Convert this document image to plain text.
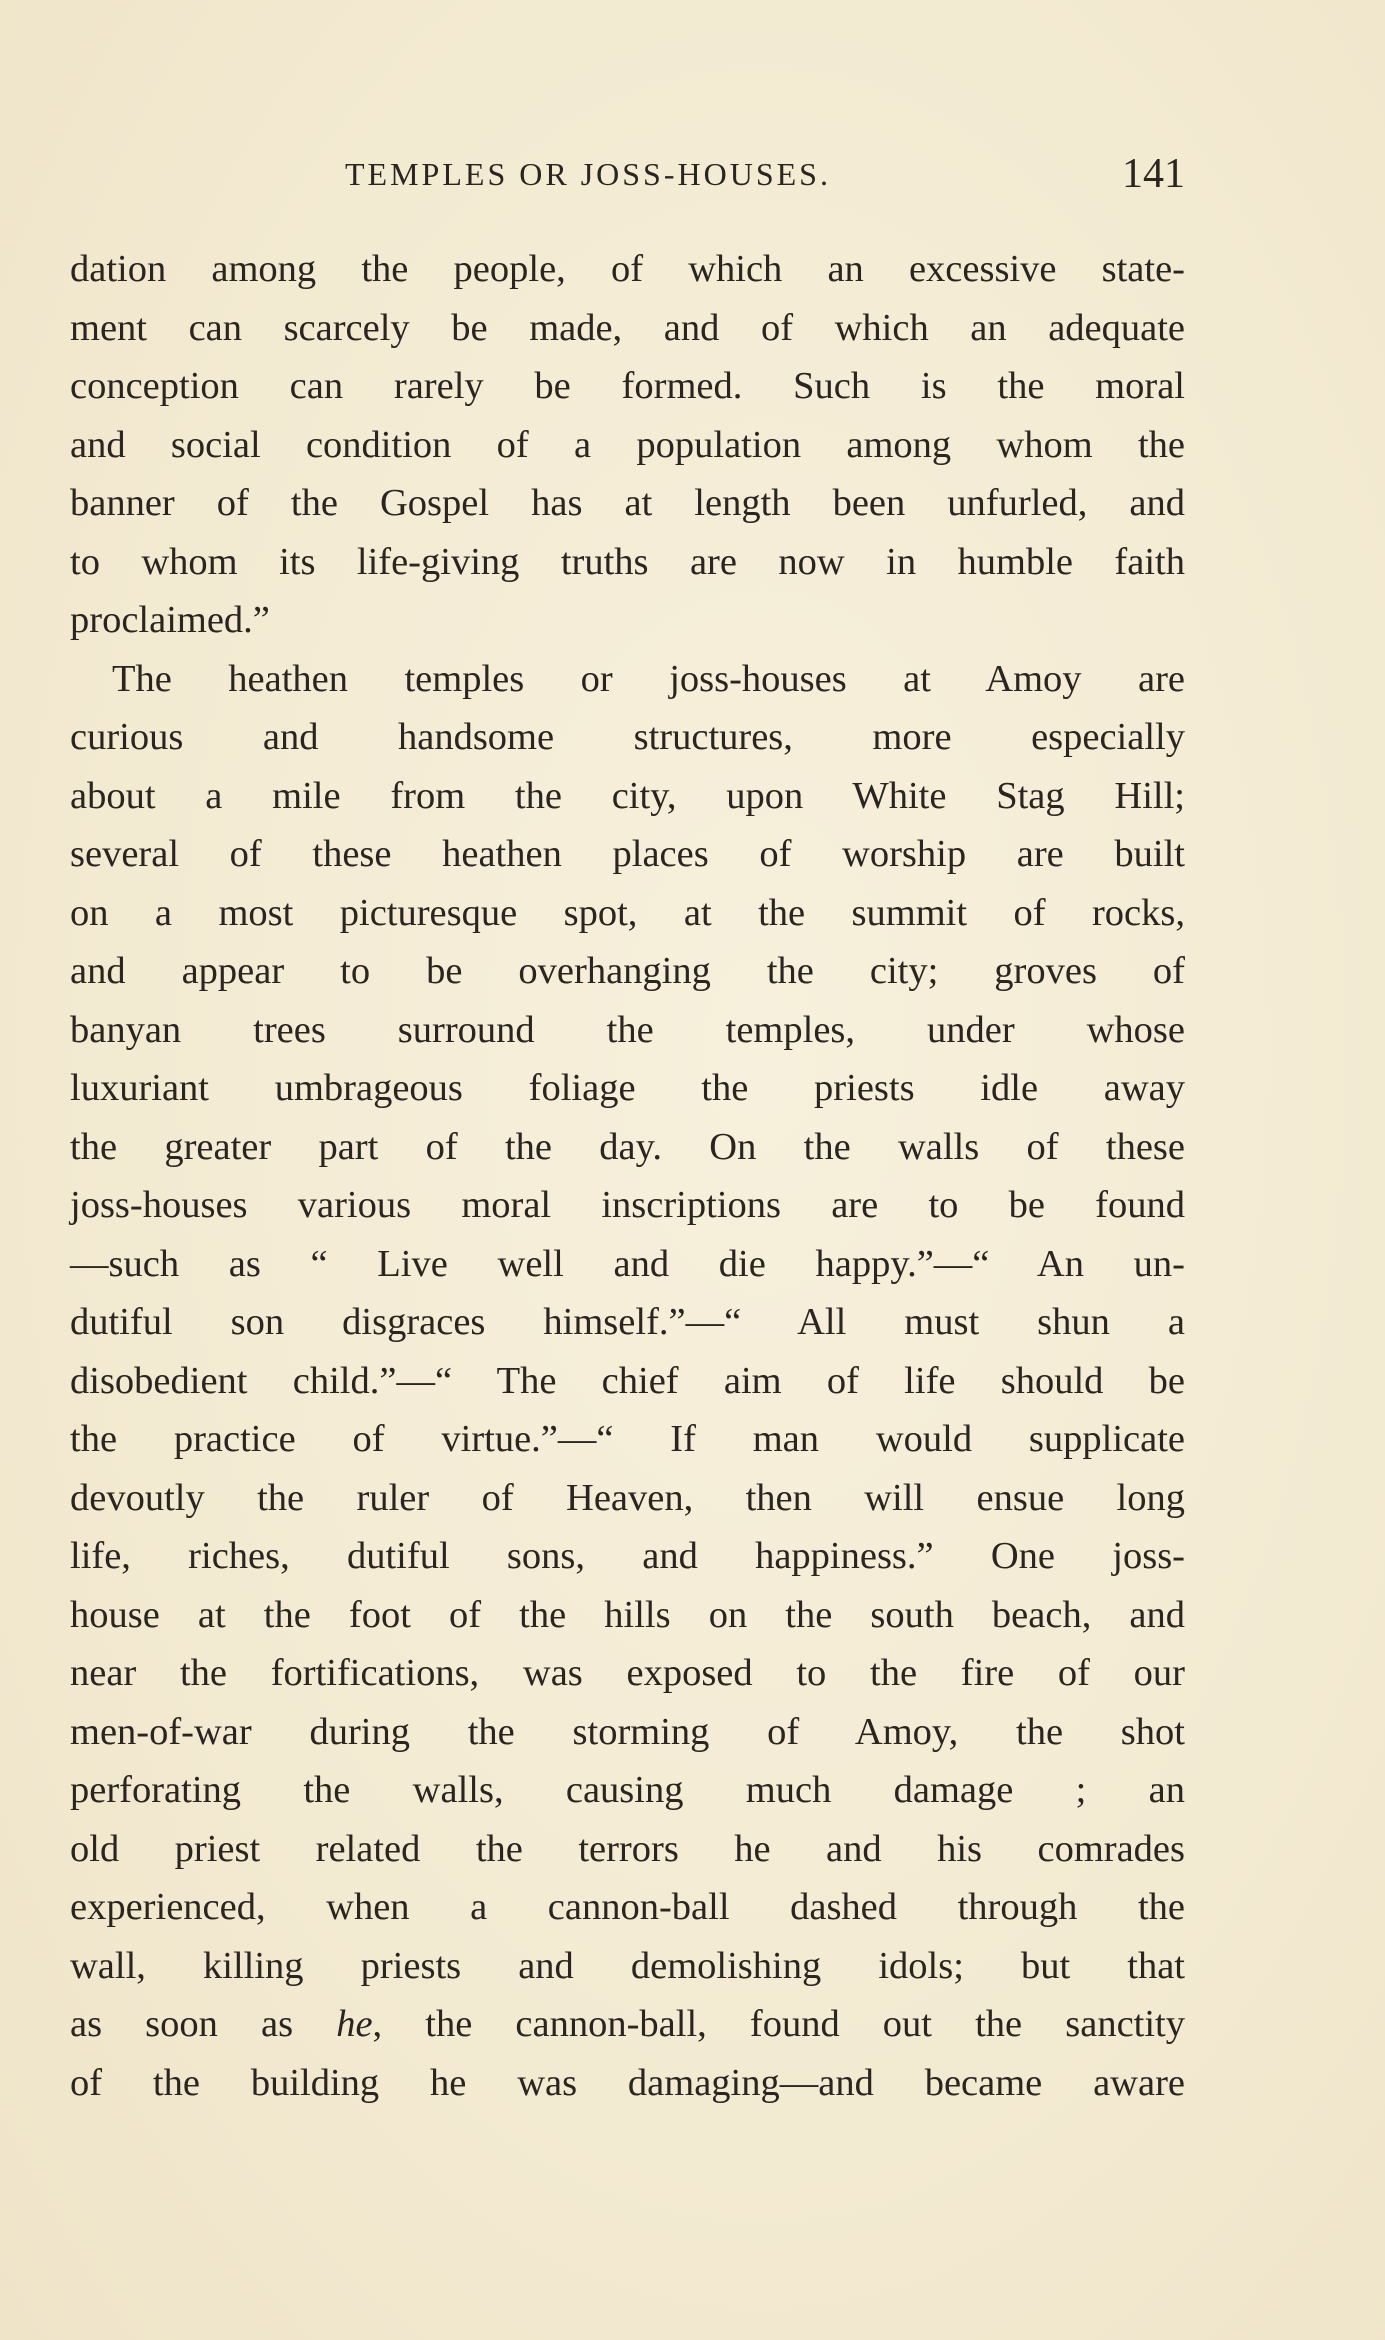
TEMPLES OR JOSS-HOUSES.	141
dation among the people, of which an excessive state-
ment can scarcely be made, and of which an adequate
conception can rarely be formed. Such is the moral
and social condition of a population among whom the
banner of the Gospel has at length been unfurled, and
to whom its life-giving truths are now in humble faith
proclaimed.”
The heathen temples or joss-houses at Amoy are
curious and handsome structures, more especially
about a mile from the city, upon White Stag Hill;
several of these heathen places of worship are built
on a most picturesque spot, at the summit of rocks,
and appear to be overhanging the city; groves of
banyan trees surround the temples, under whose
luxuriant umbrageous foliage the priests idle away
the greater part of the day. On the walls of these
joss-houses various moral inscriptions are to be found
—such as “ Live well and die happy.”—“ An un-
dutiful son disgraces himself.”—“ All must shun a
disobedient child.”—“ The chief aim of life should be
the practice of virtue.”—“ If man would supplicate
devoutly the ruler of Heaven, then will ensue long
life, riches, dutiful sons, and happiness.” One joss-
house at the foot of the hills on the south beach, and
near the fortifications, was exposed to the fire of our
men-of-war during the storming of Amoy, the shot
perforating the walls, causing much damage ; an
old priest related the terrors he and his comrades
experienced, when a cannon-ball dashed through the
wall, killing priests and demolishing idols; but that
as soon as he, the cannon-ball, found out the sanctity
of the building he was damaging—and became aware
